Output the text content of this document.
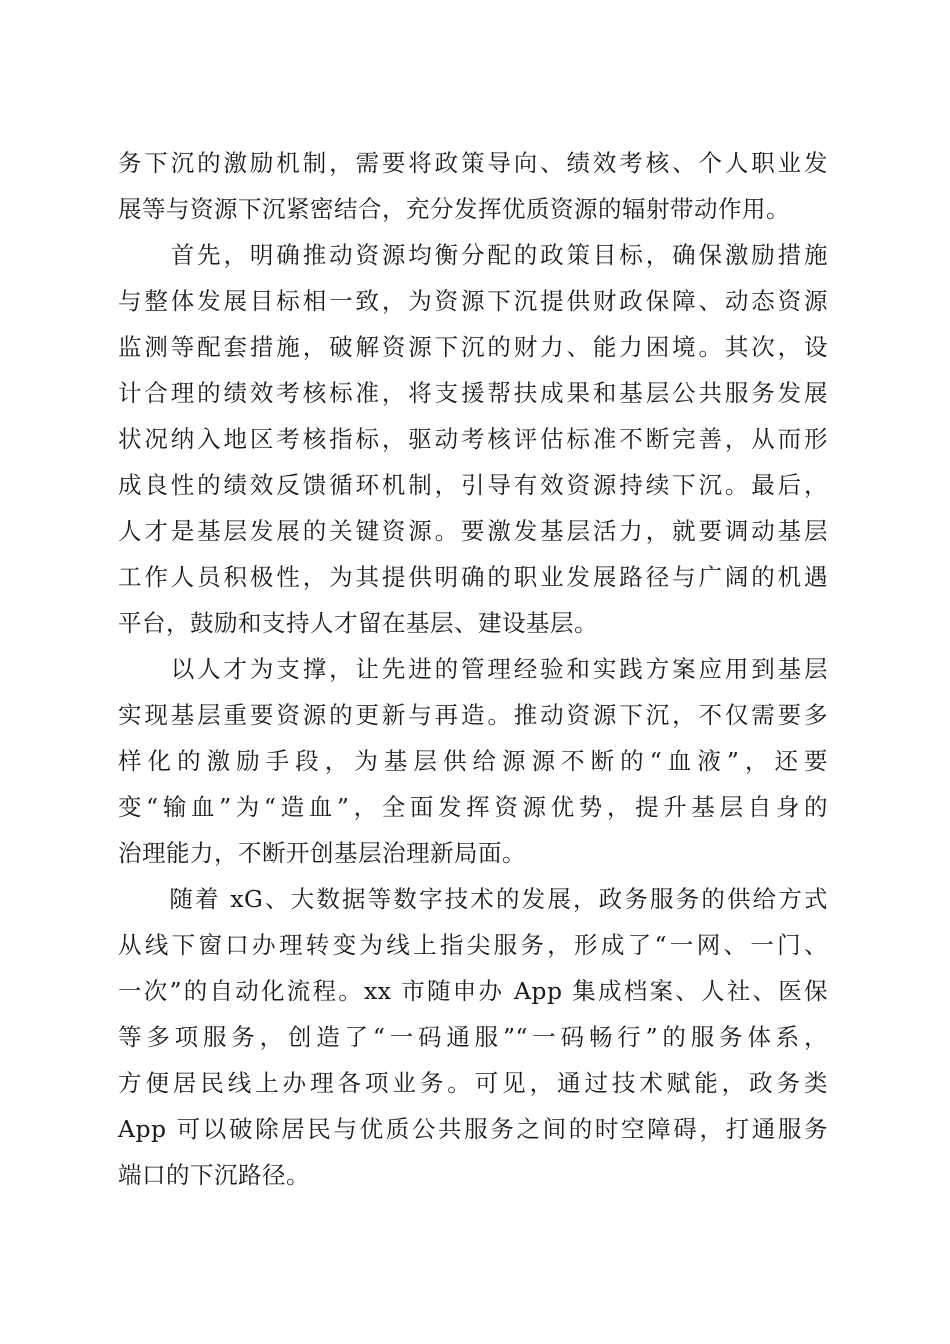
务下沉的激励机制，需要将政策导向、绩效考核、个人职业发
展等与资源下沉紧密结合，充分发挥优质资源的辐射带动作用。
　　首先，明确推动资源均衡分配的政策目标，确保激励措施
与整体发展目标相一致，为资源下沉提供财政保障、动态资源
监测等配套措施，破解资源下沉的财力、能力困境。其次，设
计合理的绩效考核标准，将支援帮扶成果和基层公共服务发展
状况纳入地区考核指标，驱动考核评估标准不断完善，从而形
成良性的绩效反馈循环机制，引导有效资源持续下沉。最后，
人才是基层发展的关键资源。要激发基层活力，就要调动基层
工作人员积极性，为其提供明确的职业发展路径与广阔的机遇
平台，鼓励和支持人才留在基层、建设基层。
　　以人才为支撑，让先进的管理经验和实践方案应用到基层
实现基层重要资源的更新与再造。推动资源下沉，不仅需要多
样化的激励手段，为基层供给源源不断的“血液”，还要
变“输血”为“造血”，全面发挥资源优势，提升基层自身的
治理能力，不断开创基层治理新局面。
　　随着 xG、大数据等数字技术的发展，政务服务的供给方式
从线下窗口办理转变为线上指尖服务，形成了“一网、一门、
一次”的自动化流程。xx 市随申办 App 集成档案、人社、医保
等多项服务，创造了“一码通服”“一码畅行”的服务体系，
方便居民线上办理各项业务。可见，通过技术赋能，政务类
App 可以破除居民与优质公共服务之间的时空障碍，打通服务
端口的下沉路径。
